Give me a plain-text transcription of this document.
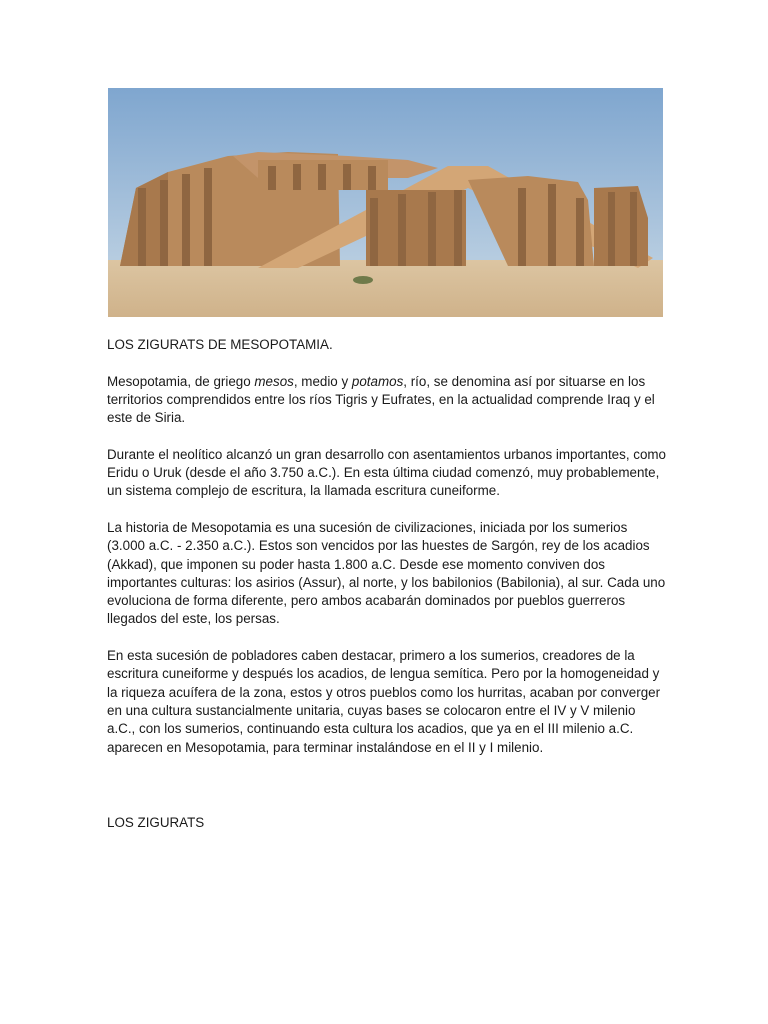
LOS ZIGURATS DE MESOPOTAMIA.

Mesopotamia, de griego mesos, medio y potamos, río, se denomina así por situarse en los territorios comprendidos entre los ríos Tigris y Eufrates, en la actualidad comprende Iraq y el este de Siria.

Durante el neolítico alcanzó un gran desarrollo con asentamientos urbanos importantes, como Eridu o Uruk (desde el año 3.750 a.C.). En esta última ciudad comenzó, muy probablemente, un sistema complejo de escritura, la llamada escritura cuneiforme.

La historia de Mesopotamia es una sucesión de civilizaciones, iniciada por los sumerios (3.000 a.C. - 2.350 a.C.). Estos son vencidos por las huestes de Sargón, rey de los acadios (Akkad), que imponen su poder hasta 1.800 a.C. Desde ese momento conviven dos importantes culturas: los asirios (Assur), al norte, y los babilonios (Babilonia), al sur. Cada uno evoluciona de forma diferente, pero ambos acabarán dominados por pueblos guerreros llegados del este, los persas.

En esta sucesión de pobladores caben destacar, primero a los sumerios, creadores de la escritura cuneiforme y después los acadios, de lengua semítica. Pero por la homogeneidad y la riqueza acuífera de la zona, estos y otros pueblos como los hurritas, acaban por converger en una cultura sustancialmente unitaria, cuyas bases se colocaron entre el IV y V milenio a.C., con los sumerios, continuando esta cultura los acadios, que ya en el III milenio a.C. aparecen en Mesopotamia, para terminar instalándose en el II y I milenio.

LOS ZIGURATS
